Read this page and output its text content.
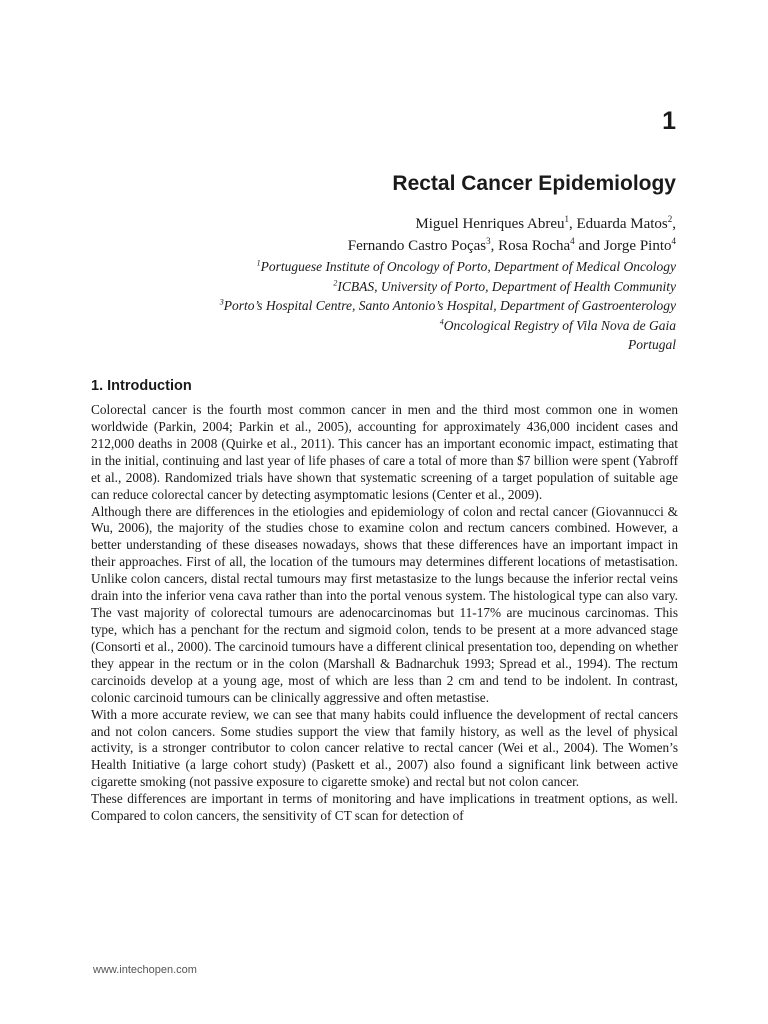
1
Rectal Cancer Epidemiology
Miguel Henriques Abreu$^1$, Eduarda Matos$^2$,
Fernando Castro Poças$^3$, Rosa Rocha$^4$ and Jorge Pinto$^4$
$^1$Portuguese Institute of Oncology of Porto, Department of Medical Oncology
$^2$ICBAS, University of Porto, Department of Health Community
$^3$Porto’s Hospital Centre, Santo Antonio’s Hospital, Department of Gastroenterology
$^4$Oncological Registry of Vila Nova de Gaia
Portugal
1. Introduction

Colorectal cancer is the fourth most common cancer in men and the third most common one in women worldwide (Parkin, 2004; Parkin et al., 2005), accounting for approximately 436,000 incident cases and 212,000 deaths in 2008 (Quirke et al., 2011). This cancer has an important economic impact, estimating that in the initial, continuing and last year of life phases of care a total of more than $7 billion were spent (Yabroff et al., 2008). Randomized trials have shown that systematic screening of a target population of suitable age can reduce colorectal cancer by detecting asymptomatic lesions (Center et al., 2009).

Although there are differences in the etiologies and epidemiology of colon and rectal cancer (Giovannucci & Wu, 2006), the majority of the studies chose to examine colon and rectum cancers combined. However, a better understanding of these diseases nowadays, shows that these differences have an important impact in their approaches. First of all, the location of the tumours may determines different locations of metastisation. Unlike colon cancers, distal rectal tumours may first metastasize to the lungs because the inferior rectal veins drain into the inferior vena cava rather than into the portal venous system. The histological type can also vary. The vast majority of colorectal tumours are adenocarcinomas but 11-17% are mucinous carcinomas. This type, which has a penchant for the rectum and sigmoid colon, tends to be present at a more advanced stage (Consorti et al., 2000). The carcinoid tumours have a different clinical presentation too, depending on whether they appear in the rectum or in the colon (Marshall & Badnarchuk 1993; Spread et al., 1994). The rectum carcinoids develop at a young age, most of which are less than 2 cm and tend to be indolent. In contrast, colonic carcinoid tumours can be clinically aggressive and often metastise.

With a more accurate review, we can see that many habits could influence the development of rectal cancers and not colon cancers. Some studies support the view that family history, as well as the level of physical activity, is a stronger contributor to colon cancer relative to rectal cancer (Wei et al., 2004). The Women’s Health Initiative (a large cohort study) (Paskett et al., 2007) also found a significant link between active cigarette smoking (not passive exposure to cigarette smoke) and rectal but not colon cancer.

These differences are important in terms of monitoring and have implications in treatment options, as well. Compared to colon cancers, the sensitivity of CT scan for detection of

www.intechopen.com
